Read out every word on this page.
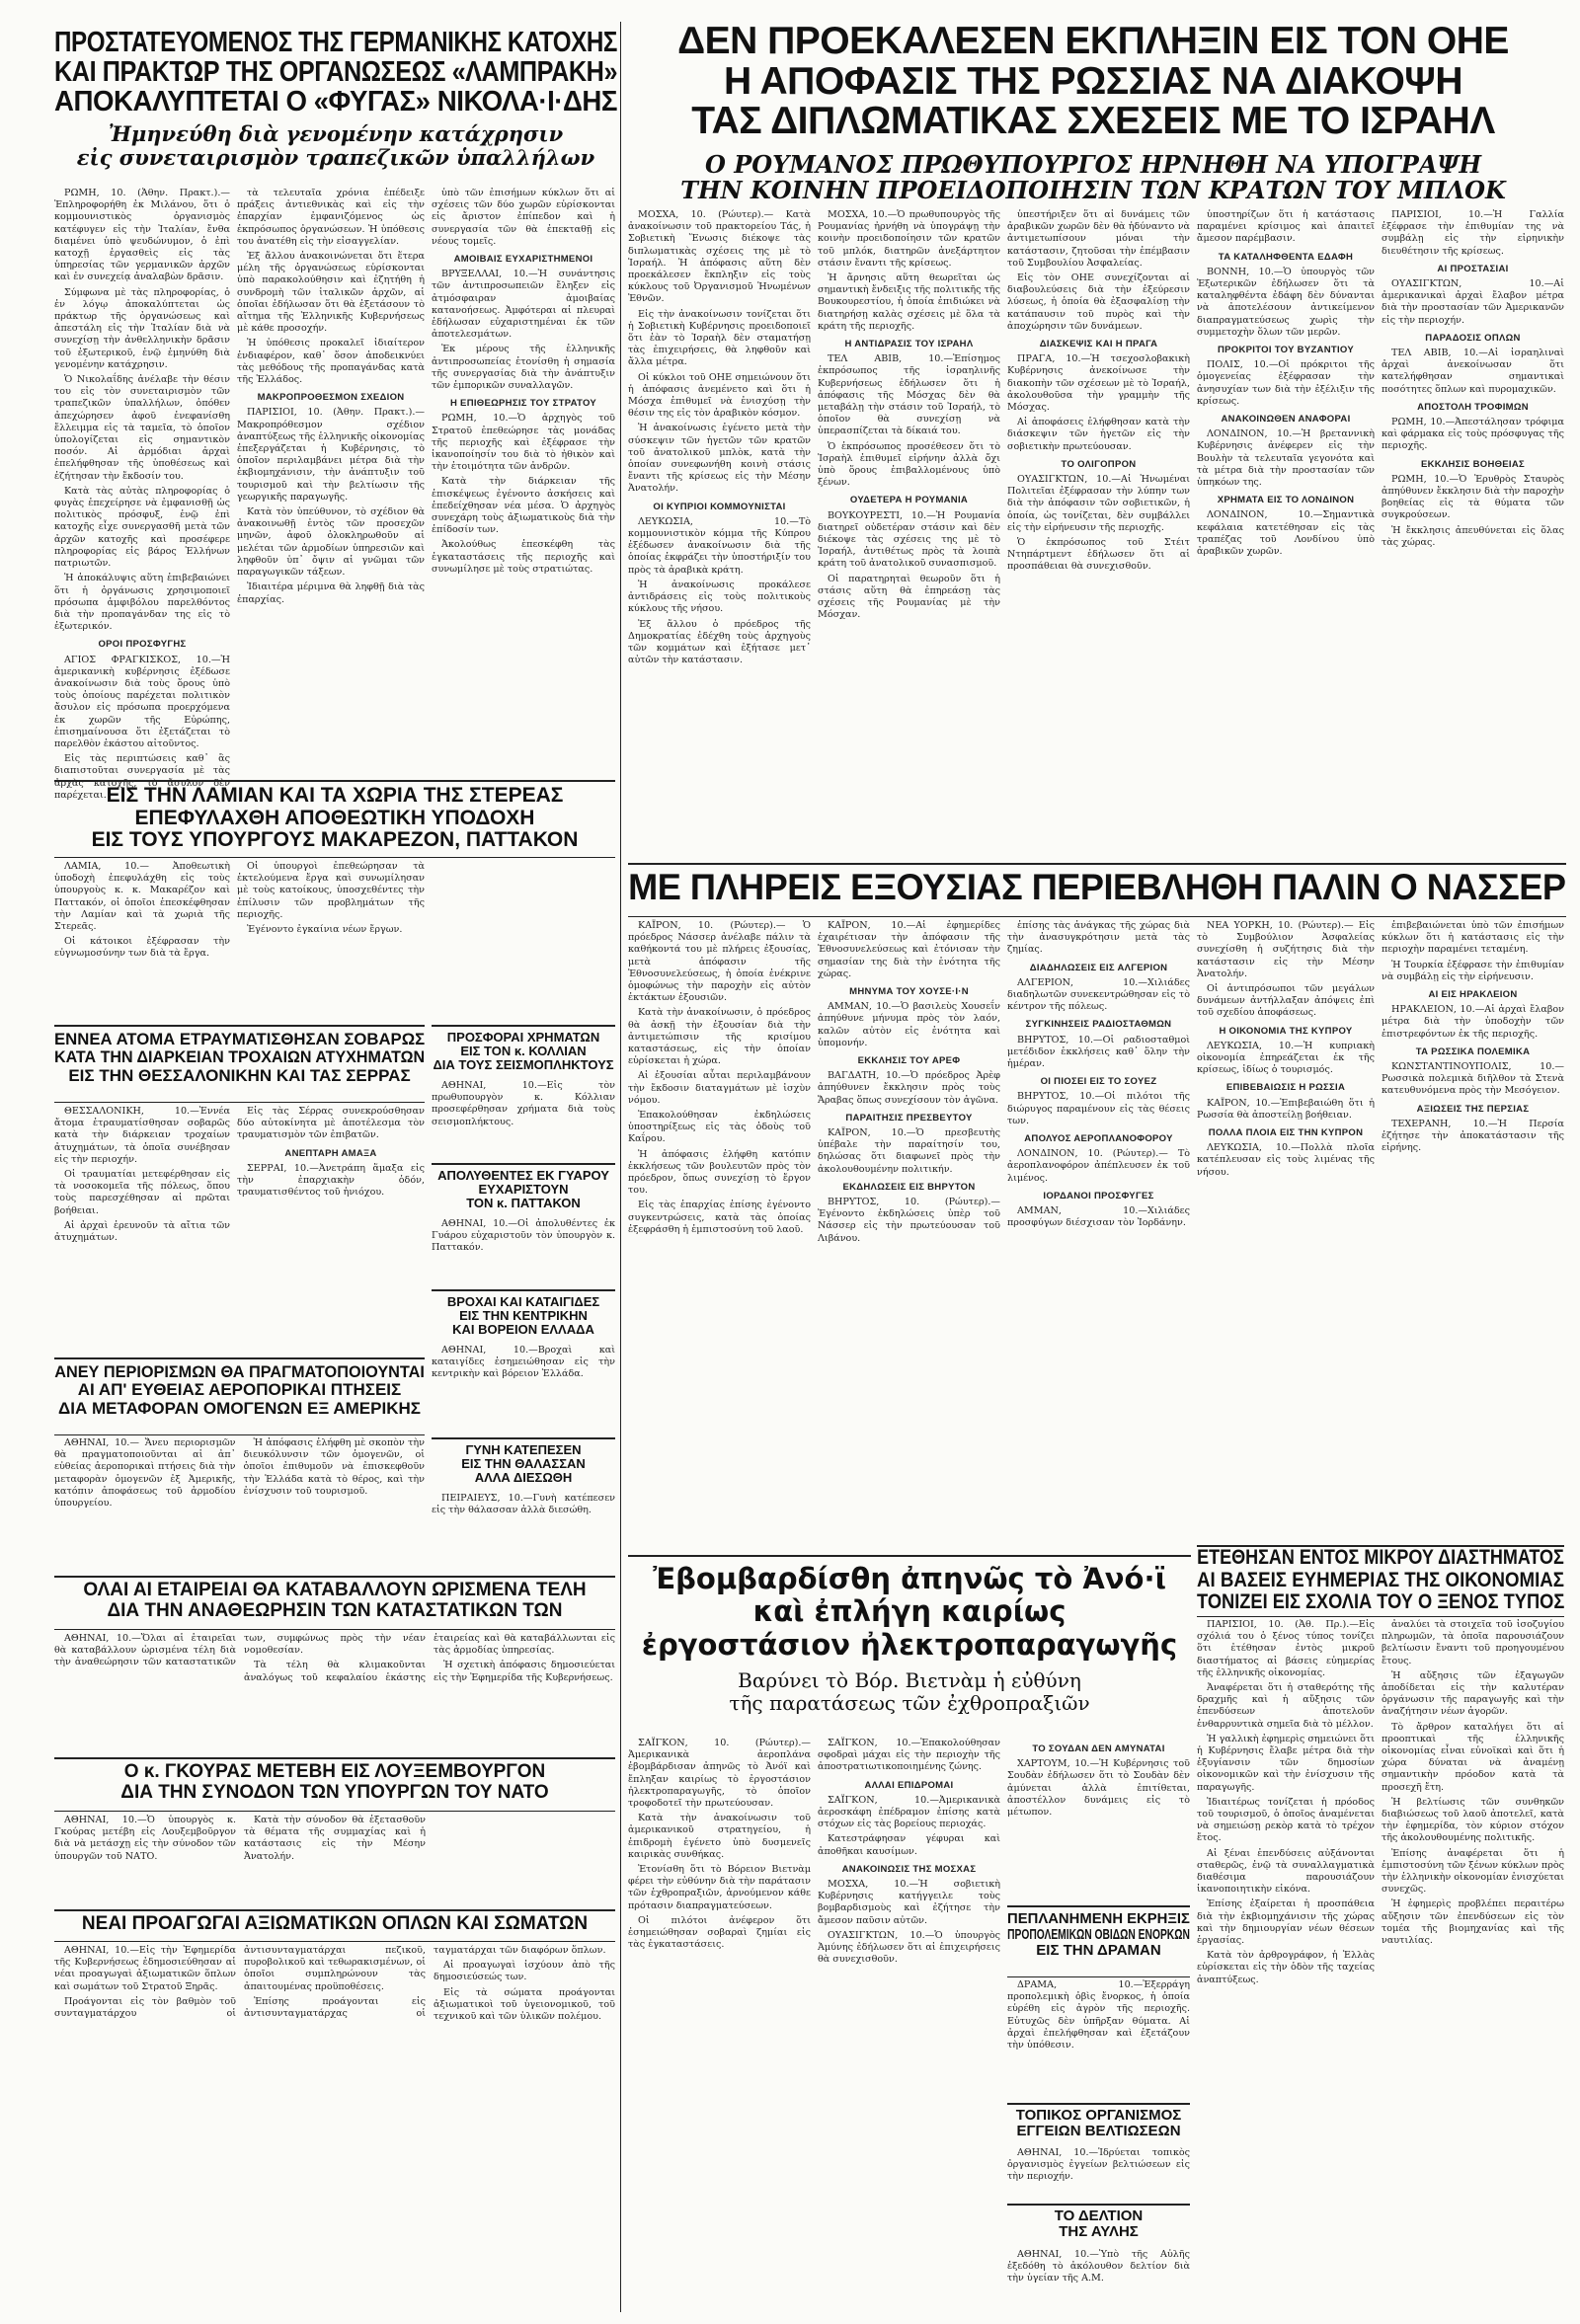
ΠΡΟΣΤΑΤΕΥΟΜΕΝΟΣ ΤΗΣ ΓΕΡΜΑΝΙΚΗΣ ΚΑΤΟΧΗΣ
ΚΑΙ ΠΡΑΚΤΩΡ ΤΗΣ ΟΡΓΑΝΩΣΕΩΣ «ΛΑΜΠΡΑΚΗ»
ΑΠΟΚΑΛΥΠΤΕΤΑΙ Ο «ΦΥΓΑΣ» ΝΙΚΟΛΑ·Ι·ΔΗΣ
Ἠμηνεύθη διὰ γενομένην κατάχρησιν
εἰς συνεταιρισμὸν τραπεζικῶν ὑπαλλήλων
ΔΕΝ ΠΡΟΕΚΑΛΕΣΕΝ ΕΚΠΛΗΞΙΝ ΕΙΣ ΤΟΝ ΟΗΕ
Η ΑΠΟΦΑΣΙΣ ΤΗΣ ΡΩΣΣΙΑΣ ΝΑ ΔΙΑΚΟΨΗ
ΤΑΣ ΔΙΠΛΩΜΑΤΙΚΑΣ ΣΧΕΣΕΙΣ ΜΕ ΤΟ ΙΣΡΑΗΛ
Ο ΡΟΥΜΑΝΟΣ ΠΡΩΘΥΠΟΥΡΓΟΣ ΗΡΝΗΘΗ ΝΑ ΥΠΟΓΡΑΨΗ
ΤΗΝ ΚΟΙΝΗΝ ΠΡΟΕΙΔΟΠΟΙΗΣΙΝ ΤΩΝ ΚΡΑΤΩΝ ΤΟΥ ΜΠΛΟΚ

ΡΩΜΗ, 10. (Ἀθην. Πρακτ.).— Ἐπληροφορήθη ἐκ Μιλάνου, ὅτι ὁ κομμουνιστικὸς ὀργανισμὸς κατέφυγεν εἰς τὴν Ἰταλίαν, ἔνθα διαμένει ὑπὸ ψευδώνυμον, ὁ ἐπὶ κατοχῇ ἐργασθεὶς εἰς τὰς ὑπηρεσίας τῶν γερμανικῶν ἀρχῶν καὶ ἐν συνεχείᾳ ἀναλαβὼν δρᾶσιν.

Σύμφωνα μὲ τὰς πληροφορίας, ὁ ἐν λόγῳ ἀποκαλύπτεται ὡς πράκτωρ τῆς ὀργανώσεως καὶ ἀπεστάλη εἰς τὴν Ἰταλίαν διὰ νὰ συνεχίσῃ τὴν ἀνθελληνικὴν δρᾶσιν τοῦ ἐξωτερικοῦ, ἐνῷ ἐμηνύθη διὰ γενομένην κατάχρησιν.

Ὁ Νικολαΐδης ἀνέλαβε τὴν θέσιν του εἰς τὸν συνεταιρισμὸν τῶν τραπεζικῶν ὑπαλλήλων, ὁπόθεν ἀπεχώρησεν ἀφοῦ ἐνεφανίσθη ἔλλειμμα εἰς τὰ ταμεῖα, τὸ ὁποῖον ὑπολογίζεται εἰς σημαντικὸν ποσόν. Αἱ ἀρμόδιαι ἀρχαὶ ἐπελήφθησαν τῆς ὑποθέσεως καὶ ἐζήτησαν τὴν ἔκδοσίν του.

Κατὰ τὰς αὐτὰς πληροφορίας ὁ φυγὰς ἐπεχείρησε νὰ ἐμφανισθῇ ὡς πολιτικὸς πρόσφυξ, ἐνῷ ἐπὶ κατοχῆς εἶχε συνεργασθῆ μετὰ τῶν ἀρχῶν κατοχῆς καὶ προσέφερε πληροφορίας εἰς βάρος Ἑλλήνων πατριωτῶν.

Ἡ ἀποκάλυψις αὕτη ἐπιβεβαιώνει ὅτι ἡ ὀργάνωσις χρησιμοποιεῖ πρόσωπα ἀμφιβόλου παρελθόντος διὰ τὴν προπαγάνδαν της εἰς τὸ ἐξωτερικόν.

ΟΡΟΙ ΠΡΟΣΦΥΓΗΣ

ΑΓΙΟΣ ΦΡΑΓΚΙΣΚΟΣ, 10.—Ἡ ἀμερικανικὴ κυβέρνησις ἐξέδωσε ἀνακοίνωσιν διὰ τοὺς ὅρους ὑπὸ τοὺς ὁποίους παρέχεται πολιτικὸν ἄσυλον εἰς πρόσωπα προερχόμενα ἐκ χωρῶν τῆς Εὐρώπης, ἐπισημαίνουσα ὅτι ἐξετάζεται τὸ παρελθὸν ἑκάστου αἰτοῦντος.

Εἰς τὰς περιπτώσεις καθ᾽ ἃς διαπιστοῦται συνεργασία μὲ τὰς ἀρχὰς κατοχῆς, τὸ ἄσυλον δὲν παρέχεται.

τὰ τελευταῖα χρόνια ἐπέδειξε πράξεις ἀντιεθνικὰς καὶ εἰς τὴν ἐπαρχίαν ἐμφανιζόμενος ὡς ἐκπρόσωπος ὀργανώσεων. Ἡ ὑπόθεσις του ἀνατέθη εἰς τὴν εἰσαγγελίαν.

Ἐξ ἄλλου ἀνακοινώνεται ὅτι ἕτερα μέλη τῆς ὀργανώσεως εὑρίσκονται ὑπὸ παρακολούθησιν καὶ ἐζητήθη ἡ συνδρομὴ τῶν ἰταλικῶν ἀρχῶν, αἱ ὁποῖαι ἐδήλωσαν ὅτι θὰ ἐξετάσουν τὸ αἴτημα τῆς Ἑλληνικῆς Κυβερνήσεως μὲ κάθε προσοχήν.

Ἡ ὑπόθεσις προκαλεῖ ἰδιαίτερον ἐνδιαφέρον, καθ᾽ ὅσον ἀποδεικνύει τὰς μεθόδους τῆς προπαγάνδας κατὰ τῆς Ἑλλάδος.

ΜΑΚΡΟΠΡΟΘΕΣΜΟΝ ΣΧΕΔΙΟΝ

ΠΑΡΙΣΙΟΙ, 10. (Ἀθην. Πρακτ.).— Μακροπρόθεσμον σχέδιον ἀναπτύξεως τῆς ἑλληνικῆς οἰκονομίας ἐπεξεργάζεται ἡ Κυβέρνησις, τὸ ὁποῖον περιλαμβάνει μέτρα διὰ τὴν ἐκβιομηχάνισιν, τὴν ἀνάπτυξιν τοῦ τουρισμοῦ καὶ τὴν βελτίωσιν τῆς γεωργικῆς παραγωγῆς.

Κατὰ τὸν ὑπεύθυνον, τὸ σχέδιον θὰ ἀνακοινωθῇ ἐντὸς τῶν προσεχῶν μηνῶν, ἀφοῦ ὁλοκληρωθοῦν αἱ μελέται τῶν ἁρμοδίων ὑπηρεσιῶν καὶ ληφθοῦν ὑπ᾽ ὄψιν αἱ γνῶμαι τῶν παραγωγικῶν τάξεων.

Ἰδιαιτέρα μέριμνα θὰ ληφθῇ διὰ τὰς ἐπαρχίας.

ὑπὸ τῶν ἐπισήμων κύκλων ὅτι αἱ σχέσεις τῶν δύο χωρῶν εὑρίσκονται εἰς ἄριστον ἐπίπεδον καὶ ἡ συνεργασία τῶν θὰ ἐπεκταθῇ εἰς νέους τομεῖς.

ΑΜΟΙΒΑΙΣ ΕΥΧΑΡΙΣΤΗΜΕΝΟΙ

ΒΡΥΞΕΛΛΑΙ, 10.—Ἡ συνάντησις τῶν ἀντιπροσωπειῶν ἔληξεν εἰς ἀτμόσφαιραν ἀμοιβαίας κατανοήσεως. Ἀμφότεραι αἱ πλευραὶ ἐδήλωσαν εὐχαριστημέναι ἐκ τῶν ἀποτελεσμάτων.

Ἐκ μέρους τῆς ἑλληνικῆς ἀντιπροσωπείας ἐτονίσθη ἡ σημασία τῆς συνεργασίας διὰ τὴν ἀνάπτυξιν τῶν ἐμπορικῶν συναλλαγῶν.

Η ΕΠΙΘΕΩΡΗΣΙΣ ΤΟΥ ΣΤΡΑΤΟΥ

ΡΩΜΗ, 10.—Ὁ ἀρχηγὸς τοῦ Στρατοῦ ἐπεθεώρησε τὰς μονάδας τῆς περιοχῆς καὶ ἐξέφρασε τὴν ἱκανοποίησίν του διὰ τὸ ἠθικὸν καὶ τὴν ἑτοιμότητα τῶν ἀνδρῶν.

Κατὰ τὴν διάρκειαν τῆς ἐπισκέψεως ἐγένοντο ἀσκήσεις καὶ ἐπεδείχθησαν νέα μέσα. Ὁ ἀρχηγὸς συνεχάρη τοὺς ἀξιωματικοὺς διὰ τὴν ἐπίδοσίν των.

Ἀκολούθως ἐπεσκέφθη τὰς ἐγκαταστάσεις τῆς περιοχῆς καὶ συνωμίλησε μὲ τοὺς στρατιώτας.

ΜΟΣΧΑ, 10. (Ρώυτερ).— Κατὰ ἀνακοίνωσιν τοῦ πρακτορείου Τάς, ἡ Σοβιετικὴ Ἕνωσις διέκοψε τὰς διπλωματικὰς σχέσεις της μὲ τὸ Ἰσραήλ. Ἡ ἀπόφασις αὕτη δὲν προεκάλεσεν ἔκπληξιν εἰς τοὺς κύκλους τοῦ Ὀργανισμοῦ Ἡνωμένων Ἐθνῶν.

Εἰς τὴν ἀνακοίνωσιν τονίζεται ὅτι ἡ Σοβιετικὴ Κυβέρνησις προειδοποιεῖ ὅτι ἐὰν τὸ Ἰσραὴλ δὲν σταματήσῃ τὰς ἐπιχειρήσεις, θὰ ληφθοῦν καὶ ἄλλα μέτρα.

Οἱ κύκλοι τοῦ ΟΗΕ σημειώνουν ὅτι ἡ ἀπόφασις ἀνεμένετο καὶ ὅτι ἡ Μόσχα ἐπιθυμεῖ νὰ ἐνισχύσῃ τὴν θέσιν της εἰς τὸν ἀραβικὸν κόσμον.

Ἡ ἀνακοίνωσις ἐγένετο μετὰ τὴν σύσκεψιν τῶν ἡγετῶν τῶν κρατῶν τοῦ ἀνατολικοῦ μπλὸκ, κατὰ τὴν ὁποίαν συνεφωνήθη κοινὴ στάσις ἔναντι τῆς κρίσεως εἰς τὴν Μέσην Ἀνατολήν.

ΟΙ ΚΥΠΡΙΟΙ ΚΟΜΜΟΥΝΙΣΤΑΙ

ΛΕΥΚΩΣΙΑ, 10.—Τὸ κομμουνιστικὸν κόμμα τῆς Κύπρου ἐξέδωσεν ἀνακοίνωσιν διὰ τῆς ὁποίας ἐκφράζει τὴν ὑποστήριξίν του πρὸς τὰ ἀραβικὰ κράτη.

Ἡ ἀνακοίνωσις προκάλεσε ἀντιδράσεις εἰς τοὺς πολιτικοὺς κύκλους τῆς νήσου.

Ἐξ ἄλλου ὁ πρόεδρος τῆς Δημοκρατίας ἐδέχθη τοὺς ἀρχηγοὺς τῶν κομμάτων καὶ ἐξήτασε μετ᾽ αὐτῶν τὴν κατάστασιν.

ΜΟΣΧΑ, 10.—Ὁ πρωθυπουργὸς τῆς Ρουμανίας ἠρνήθη νὰ ὑπογράψῃ τὴν κοινὴν προειδοποίησιν τῶν κρατῶν τοῦ μπλόκ, διατηρῶν ἀνεξάρτητον στάσιν ἔναντι τῆς κρίσεως.

Ἡ ἄρνησις αὕτη θεωρεῖται ὡς σημαντικὴ ἔνδειξις τῆς πολιτικῆς τῆς Βουκουρεστίου, ἡ ὁποία ἐπιδιώκει νὰ διατηρήσῃ καλὰς σχέσεις μὲ ὅλα τὰ κράτη τῆς περιοχῆς.

Η ΑΝΤΙΔΡΑΣΙΣ ΤΟΥ ΙΣΡΑΗΛ

ΤΕΛ ΑΒΙΒ, 10.—Ἐπίσημος ἐκπρόσωπος τῆς ἰσραηλινῆς Κυβερνήσεως ἐδήλωσεν ὅτι ἡ ἀπόφασις τῆς Μόσχας δὲν θὰ μεταβάλῃ τὴν στάσιν τοῦ Ἰσραήλ, τὸ ὁποῖον θὰ συνεχίσῃ νὰ ὑπερασπίζεται τὰ δίκαιά του.

Ὁ ἐκπρόσωπος προσέθεσεν ὅτι τὸ Ἰσραὴλ ἐπιθυμεῖ εἰρήνην ἀλλὰ ὄχι ὑπὸ ὅρους ἐπιβαλλομένους ὑπὸ ξένων.

ΟΥΔΕΤΕΡΑ Η ΡΟΥΜΑΝΙΑ

ΒΟΥΚΟΥΡΕΣΤΙ, 10.—Ἡ Ρουμανία διατηρεῖ οὐδετέραν στάσιν καὶ δὲν διέκοψε τὰς σχέσεις της μὲ τὸ Ἰσραήλ, ἀντιθέτως πρὸς τὰ λοιπὰ κράτη τοῦ ἀνατολικοῦ συνασπισμοῦ.

Οἱ παρατηρηταὶ θεωροῦν ὅτι ἡ στάσις αὕτη θὰ ἐπηρεάσῃ τὰς σχέσεις τῆς Ρουμανίας μὲ τὴν Μόσχαν.

ὑπεστήριξεν ὅτι αἱ δυνάμεις τῶν ἀραβικῶν χωρῶν δὲν θὰ ἠδύναντο νὰ ἀντιμετωπίσουν μόναι τὴν κατάστασιν, ζητοῦσαι τὴν ἐπέμβασιν τοῦ Συμβουλίου Ἀσφαλείας.

Εἰς τὸν ΟΗΕ συνεχίζονται αἱ διαβουλεύσεις διὰ τὴν ἐξεύρεσιν λύσεως, ἡ ὁποία θὰ ἐξασφαλίσῃ τὴν κατάπαυσιν τοῦ πυρὸς καὶ τὴν ἀποχώρησιν τῶν δυνάμεων.

ΔΙΑΣΚΕΨΙΣ ΚΑΙ Η ΠΡΑΓΑ

ΠΡΑΓΑ, 10.—Ἡ τσεχοσλοβακικὴ Κυβέρνησις ἀνεκοίνωσε τὴν διακοπὴν τῶν σχέσεων μὲ τὸ Ἰσραήλ, ἀκολουθοῦσα τὴν γραμμὴν τῆς Μόσχας.

Αἱ ἀποφάσεις ἐλήφθησαν κατὰ τὴν διάσκεψιν τῶν ἡγετῶν εἰς τὴν σοβιετικὴν πρωτεύουσαν.

ΤΟ ΟΛΙΓΟΠΡΟΝ

ΟΥΑΣΙΓΚΤΩΝ, 10.—Αἱ Ἡνωμέναι Πολιτεῖαι ἐξέφρασαν τὴν λύπην των διὰ τὴν ἀπόφασιν τῶν σοβιετικῶν, ἡ ὁποία, ὡς τονίζεται, δὲν συμβάλλει εἰς τὴν εἰρήνευσιν τῆς περιοχῆς.

Ὁ ἐκπρόσωπος τοῦ Στέιτ Ντηπάρτμεντ ἐδήλωσεν ὅτι αἱ προσπάθειαι θὰ συνεχισθοῦν.

ὑποστηρίζων ὅτι ἡ κατάστασις παραμένει κρίσιμος καὶ ἀπαιτεῖ ἄμεσον παρέμβασιν.

ΤΑ ΚΑΤΑΛΗΦΘΕΝΤΑ ΕΔΑΦΗ

ΒΟΝΝΗ, 10.—Ὁ ὑπουργὸς τῶν Ἐξωτερικῶν ἐδήλωσεν ὅτι τὰ καταληφθέντα ἐδάφη δὲν δύνανται νὰ ἀποτελέσουν ἀντικείμενον διαπραγματεύσεως χωρὶς τὴν συμμετοχὴν ὅλων τῶν μερῶν.

ΠΡΟΚΡΙΤΟΙ ΤΟΥ ΒΥΖΑΝΤΙΟΥ

ΠΟΛΙΣ, 10.—Οἱ πρόκριτοι τῆς ὁμογενείας ἐξέφρασαν τὴν ἀνησυχίαν των διὰ τὴν ἐξέλιξιν τῆς κρίσεως.

ΑΝΑΚΟΙΝΩΘΕΝ ΑΝΑΦΟΡΑΙ

ΛΟΝΔΙΝΟΝ, 10.—Ἡ βρεταννικὴ Κυβέρνησις ἀνέφερεν εἰς τὴν Βουλὴν τὰ τελευταῖα γεγονότα καὶ τὰ μέτρα διὰ τὴν προστασίαν τῶν ὑπηκόων της.

ΧΡΗΜΑΤΑ ΕΙΣ ΤΟ ΛΟΝΔΙΝΟΝ

ΛΟΝΔΙΝΟΝ, 10.—Σημαντικὰ κεφάλαια κατετέθησαν εἰς τὰς τραπέζας τοῦ Λονδίνου ὑπὸ ἀραβικῶν χωρῶν.

ΠΑΡΙΣΙΟΙ, 10.—Ἡ Γαλλία ἐξέφρασε τὴν ἐπιθυμίαν της νὰ συμβάλῃ εἰς τὴν εἰρηνικὴν διευθέτησιν τῆς κρίσεως.

ΑΙ ΠΡΟΣΤΑΣΙΑΙ

ΟΥΑΣΙΓΚΤΩΝ, 10.—Αἱ ἀμερικανικαὶ ἀρχαὶ ἔλαβον μέτρα διὰ τὴν προστασίαν τῶν Ἀμερικανῶν εἰς τὴν περιοχήν.

ΠΑΡΑΔΟΣΙΣ ΟΠΛΩΝ

ΤΕΛ ΑΒΙΒ, 10.—Αἱ ἰσραηλιναὶ ἀρχαὶ ἀνεκοίνωσαν ὅτι κατελήφθησαν σημαντικαὶ ποσότητες ὅπλων καὶ πυρομαχικῶν.

ΑΠΟΣΤΟΛΗ ΤΡΟΦΙΜΩΝ

ΡΩΜΗ, 10.—Ἀπεστάλησαν τρόφιμα καὶ φάρμακα εἰς τοὺς πρόσφυγας τῆς περιοχῆς.

ΕΚΚΛΗΣΙΣ ΒΟΗΘΕΙΑΣ

ΡΩΜΗ, 10.—Ὁ Ἐρυθρὸς Σταυρὸς ἀπηύθυνεν ἔκκλησιν διὰ τὴν παροχὴν βοηθείας εἰς τὰ θύματα τῶν συγκρούσεων.

Ἡ ἔκκλησις ἀπευθύνεται εἰς ὅλας τὰς χώρας.

ΜΕ ΠΛΗΡΕΙΣ ΕΞΟΥΣΙΑΣ ΠΕΡΙΕΒΛΗΘΗ ΠΑΛΙΝ Ο ΝΑΣΣΕΡ

ΚΑΪΡΟΝ, 10. (Ρώυτερ).— Ὁ πρόεδρος Νάσσερ ἀνέλαβε πάλιν τὰ καθήκοντά του μὲ πλήρεις ἐξουσίας, μετὰ ἀπόφασιν τῆς Ἐθνοσυνελεύσεως, ἡ ὁποία ἐνέκρινε ὁμοφώνως τὴν παροχὴν εἰς αὐτὸν ἐκτάκτων ἐξουσιῶν.

Κατὰ τὴν ἀνακοίνωσιν, ὁ πρόεδρος θὰ ἀσκῇ τὴν ἐξουσίαν διὰ τὴν ἀντιμετώπισιν τῆς κρισίμου καταστάσεως, εἰς τὴν ὁποίαν εὑρίσκεται ἡ χώρα.

Αἱ ἐξουσίαι αὗται περιλαμβάνουν τὴν ἔκδοσιν διαταγμάτων μὲ ἰσχὺν νόμου.

Ἐπακολούθησαν ἐκδηλώσεις ὑποστηρίξεως εἰς τὰς ὁδοὺς τοῦ Καΐρου.

Ἡ ἀπόφασις ἐλήφθη κατόπιν ἐκκλήσεως τῶν βουλευτῶν πρὸς τὸν πρόεδρον, ὅπως συνεχίσῃ τὸ ἔργον του.

Εἰς τὰς ἐπαρχίας ἐπίσης ἐγένοντο συγκεντρώσεις, κατὰ τὰς ὁποίας ἐξεφράσθη ἡ ἐμπιστοσύνη τοῦ λαοῦ.

ΚΑΪΡΟΝ, 10.—Αἱ ἐφημερίδες ἐχαιρέτισαν τὴν ἀπόφασιν τῆς Ἐθνοσυνελεύσεως καὶ ἐτόνισαν τὴν σημασίαν της διὰ τὴν ἑνότητα τῆς χώρας.

ΜΗΝΥΜΑ ΤΟΥ ΧΟΥΣΕ·Ι·Ν

ΑΜΜΑΝ, 10.—Ὁ βασιλεὺς Χουσεΐν ἀπηύθυνε μήνυμα πρὸς τὸν λαόν, καλῶν αὐτὸν εἰς ἑνότητα καὶ ὑπομονήν.

ΕΚΚΛΗΣΙΣ ΤΟΥ ΑΡΕΦ

ΒΑΓΔΑΤΗ, 10.—Ὁ πρόεδρος Ἀρὲφ ἀπηύθυνεν ἔκκλησιν πρὸς τοὺς Ἄραβας ὅπως συνεχίσουν τὸν ἀγῶνα.

ΠΑΡΑΙΤΗΣΙΣ ΠΡΕΣΒΕΥΤΟΥ

ΚΑΪΡΟΝ, 10.—Ὁ πρεσβευτὴς ὑπέβαλε τὴν παραίτησίν του, δηλώσας ὅτι διαφωνεῖ πρὸς τὴν ἀκολουθουμένην πολιτικήν.

ΕΚΔΗΛΩΣΕΙΣ ΕΙΣ ΒΗΡΥΤΟΝ

ΒΗΡΥΤΟΣ, 10. (Ρώυτερ).— Ἐγένοντο ἐκδηλώσεις ὑπὲρ τοῦ Νάσσερ εἰς τὴν πρωτεύουσαν τοῦ Λιβάνου.

ἐπίσης τὰς ἀνάγκας τῆς χώρας διὰ τὴν ἀνασυγκρότησιν μετὰ τὰς ζημίας.

ΔΙΑΔΗΛΩΣΕΙΣ ΕΙΣ ΑΛΓΕΡΙΟΝ

ΑΛΓΕΡΙΟΝ, 10.—Χιλιάδες διαδηλωτῶν συνεκεντρώθησαν εἰς τὸ κέντρον τῆς πόλεως.

ΣΥΓΚΙΝΗΣΕΙΣ ΡΑΔΙΟΣΤΑΘΜΩΝ

ΒΗΡΥΤΟΣ, 10.—Οἱ ραδιοσταθμοὶ μετέδιδον ἐκκλήσεις καθ᾽ ὅλην τὴν ἡμέραν.

ΟΙ ΠΙΟΣΕΙ ΕΙΣ ΤΟ ΣΟΥΕΖ

ΒΗΡΥΤΟΣ, 10.—Οἱ πιλότοι τῆς διώρυγος παραμένουν εἰς τὰς θέσεις των.

ΑΠΟΛΥΟΣ ΑΕΡΟΠΛΑΝΟΦΟΡΟΥ

ΛΟΝΔΙΝΟΝ, 10. (Ρώυτερ).— Τὸ ἀεροπλανοφόρον ἀπέπλευσεν ἐκ τοῦ λιμένος.

ΙΟΡΔΑΝΟΙ ΠΡΟΣΦΥΓΕΣ

ΑΜΜΑΝ, 10.—Χιλιάδες προσφύγων διέσχισαν τὸν Ἰορδάνην.

ΝΕΑ ΥΟΡΚΗ, 10. (Ρώυτερ).— Εἰς τὸ Συμβούλιον Ἀσφαλείας συνεχίσθη ἡ συζήτησις διὰ τὴν κατάστασιν εἰς τὴν Μέσην Ἀνατολήν.

Οἱ ἀντιπρόσωποι τῶν μεγάλων δυνάμεων ἀντήλλαξαν ἀπόψεις ἐπὶ τοῦ σχεδίου ἀποφάσεως.

Η ΟΙΚΟΝΟΜΙΑ ΤΗΣ ΚΥΠΡΟΥ

ΛΕΥΚΩΣΙΑ, 10.—Ἡ κυπριακὴ οἰκονομία ἐπηρεάζεται ἐκ τῆς κρίσεως, ἰδίως ὁ τουρισμός.

ΕΠΙΒΕΒΑΙΩΣΙΣ Η ΡΩΣΣΙΑ

ΚΑΪΡΟΝ, 10.—Ἐπιβεβαιώθη ὅτι ἡ Ρωσσία θὰ ἀποστείλῃ βοήθειαν.

ΠΟΛΛΑ ΠΛΟΙΑ ΕΙΣ ΤΗΝ ΚΥΠΡΟΝ

ΛΕΥΚΩΣΙΑ, 10.—Πολλὰ πλοῖα κατέπλευσαν εἰς τοὺς λιμένας τῆς νήσου.

ἐπιβεβαιώνεται ὑπὸ τῶν ἐπισήμων κύκλων ὅτι ἡ κατάστασις εἰς τὴν περιοχὴν παραμένει τεταμένη.

Ἡ Τουρκία ἐξέφρασε τὴν ἐπιθυμίαν νὰ συμβάλῃ εἰς τὴν εἰρήνευσιν.

ΑΙ ΕΙΣ ΗΡΑΚΛΕΙΟΝ

ΗΡΑΚΛΕΙΟΝ, 10.—Αἱ ἀρχαὶ ἔλαβον μέτρα διὰ τὴν ὑποδοχὴν τῶν ἐπιστρεφόντων ἐκ τῆς περιοχῆς.

ΤΑ ΡΩΣΣΙΚΑ ΠΟΛΕΜΙΚΑ

ΚΩΝΣΤΑΝΤΙΝΟΥΠΟΛΙΣ, 10.—Ρωσσικὰ πολεμικὰ διῆλθον τὰ Στενὰ κατευθυνόμενα πρὸς τὴν Μεσόγειον.

ΑΞΙΩΣΕΙΣ ΤΗΣ ΠΕΡΣΙΑΣ

ΤΕΧΕΡΑΝΗ, 10.—Ἡ Περσία ἐζήτησε τὴν ἀποκατάστασιν τῆς εἰρήνης.

ΕΤΕΘΗΣΑΝ ΕΝΤΟΣ ΜΙΚΡΟΥ ΔΙΑΣΤΗΜΑΤΟΣ
ΑΙ ΒΑΣΕΙΣ ΕΥΗΜΕΡΙΑΣ ΤΗΣ ΟΙΚΟΝΟΜΙΑΣ
ΤΟΝΙΖΕΙ ΕΙΣ ΣΧΟΛΙΑ ΤΟΥ Ο ΞΕΝΟΣ ΤΥΠΟΣ

ΠΑΡΙΣΙΟΙ, 10. (Ἀθ. Πρ.).—Εἰς σχόλιά του ὁ ξένος τύπος τονίζει ὅτι ἐτέθησαν ἐντὸς μικροῦ διαστήματος αἱ βάσεις εὐημερίας τῆς ἑλληνικῆς οἰκονομίας.

Ἀναφέρεται ὅτι ἡ σταθερότης τῆς δραχμῆς καὶ ἡ αὔξησις τῶν ἐπενδύσεων ἀποτελοῦν ἐνθαρρυντικὰ σημεῖα διὰ τὸ μέλλον.

Ἡ γαλλικὴ ἐφημερὶς σημειώνει ὅτι ἡ Κυβέρνησις ἔλαβε μέτρα διὰ τὴν ἐξυγίανσιν τῶν δημοσίων οἰκονομικῶν καὶ τὴν ἐνίσχυσιν τῆς παραγωγῆς.

Ἰδιαιτέρως τονίζεται ἡ πρόοδος τοῦ τουρισμοῦ, ὁ ὁποῖος ἀναμένεται νὰ σημειώσῃ ρεκὸρ κατὰ τὸ τρέχον ἔτος.

Αἱ ξέναι ἐπενδύσεις αὐξάνονται σταθερῶς, ἐνῷ τὰ συναλλαγματικὰ διαθέσιμα παρουσιάζουν ἱκανοποιητικὴν εἰκόνα.

Ἐπίσης ἐξαίρεται ἡ προσπάθεια διὰ τὴν ἐκβιομηχάνισιν τῆς χώρας καὶ τὴν δημιουργίαν νέων θέσεων ἐργασίας.

Κατὰ τὸν ἀρθρογράφον, ἡ Ἑλλὰς εὑρίσκεται εἰς τὴν ὁδὸν τῆς ταχείας ἀναπτύξεως.

ἀναλύει τὰ στοιχεῖα τοῦ ἰσοζυγίου πληρωμῶν, τὰ ὁποῖα παρουσιάζουν βελτίωσιν ἔναντι τοῦ προηγουμένου ἔτους.

Ἡ αὔξησις τῶν ἐξαγωγῶν ἀποδίδεται εἰς τὴν καλυτέραν ὀργάνωσιν τῆς παραγωγῆς καὶ τὴν ἀναζήτησιν νέων ἀγορῶν.

Τὸ ἄρθρον καταλήγει ὅτι αἱ προοπτικαὶ τῆς ἑλληνικῆς οἰκονομίας εἶναι εὐνοϊκαὶ καὶ ὅτι ἡ χώρα δύναται νὰ ἀναμένῃ σημαντικὴν πρόοδον κατὰ τὰ προσεχῆ ἔτη.

Ἡ βελτίωσις τῶν συνθηκῶν διαβιώσεως τοῦ λαοῦ ἀποτελεῖ, κατὰ τὴν ἐφημερίδα, τὸν κύριον στόχον τῆς ἀκολουθουμένης πολιτικῆς.

Ἐπίσης ἀναφέρεται ὅτι ἡ ἐμπιστοσύνη τῶν ξένων κύκλων πρὸς τὴν ἑλληνικὴν οἰκονομίαν ἐνισχύεται συνεχῶς.

Ἡ ἐφημερὶς προβλέπει περαιτέρω αὔξησιν τῶν ἐπενδύσεων εἰς τὸν τομέα τῆς βιομηχανίας καὶ τῆς ναυτιλίας.

Ἐβομβαρδίσθη ἀπηνῶς τὸ Ἀνό·ϊ
καὶ ἐπλήγη καιρίως
ἐργοστάσιον ἠλεκτροπαραγωγῆς
Βαρύνει τὸ Βόρ. Βιετνὰμ ἡ εὐθύνη
τῆς παρατάσεως τῶν ἐχθροπραξιῶν

ΣΑΪΓΚΟΝ, 10. (Ρώυτερ).— Ἀμερικανικὰ ἀεροπλάνα ἐβομβάρδισαν ἀπηνῶς τὸ Ἀνόϊ καὶ ἔπληξαν καιρίως τὸ ἐργοστάσιον ἠλεκτροπαραγωγῆς, τὸ ὁποῖον τροφοδοτεῖ τὴν πρωτεύουσαν.

Κατὰ τὴν ἀνακοίνωσιν τοῦ ἀμερικανικοῦ στρατηγείου, ἡ ἐπιδρομὴ ἐγένετο ὑπὸ δυσμενεῖς καιρικὰς συνθήκας.

Ἐτονίσθη ὅτι τὸ Βόρειον Βιετνὰμ φέρει τὴν εὐθύνην διὰ τὴν παράτασιν τῶν ἐχθροπραξιῶν, ἀρνούμενον κάθε πρότασιν διαπραγματεύσεων.

Οἱ πιλότοι ἀνέφερον ὅτι ἐσημειώθησαν σοβαραὶ ζημίαι εἰς τὰς ἐγκαταστάσεις.

ΣΑΪΓΚΟΝ, 10.—Ἐπακολούθησαν σφοδραὶ μάχαι εἰς τὴν περιοχὴν τῆς ἀποστρατιωτικοποιημένης ζώνης.

ΑΛΛΑΙ ΕΠΙΔΡΟΜΑΙ

ΣΑΪΓΚΟΝ, 10.—Ἀμερικανικὰ ἀεροσκάφη ἐπέδραμον ἐπίσης κατὰ στόχων εἰς τὰς βορείους περιοχάς.

Κατεστράφησαν γέφυραι καὶ ἀποθῆκαι καυσίμων.

ΑΝΑΚΟΙΝΩΣΙΣ ΤΗΣ ΜΟΣΧΑΣ

ΜΟΣΧΑ, 10.—Ἡ σοβιετικὴ Κυβέρνησις κατήγγειλε τοὺς βομβαρδισμοὺς καὶ ἐζήτησε τὴν ἄμεσον παῦσιν αὐτῶν.

ΟΥΑΣΙΓΚΤΩΝ, 10.—Ὁ ὑπουργὸς Ἀμύνης ἐδήλωσεν ὅτι αἱ ἐπιχειρήσεις θὰ συνεχισθοῦν.

ΤΟ ΣΟΥΔΑΝ ΔΕΝ ΑΜΥΝΑΤΑΙ

ΧΑΡΤΟΥΜ, 10.—Ἡ Κυβέρνησις τοῦ Σουδὰν ἐδήλωσεν ὅτι τὸ Σουδὰν δὲν ἀμύνεται ἀλλὰ ἐπιτίθεται, ἀποστέλλον δυνάμεις εἰς τὸ μέτωπον.

ΠΕΠΛΑΝΗΜΕΝΗ ΕΚΡΗΞΙΣ
ΠΡΟΠΟΛΕΜΙΚΩΝ ΟΒΙΔΩΝ ΕΝΟΡΚΩΝ
ΕΙΣ ΤΗΝ ΔΡΑΜΑΝ

ΔΡΑΜΑ, 10.—Ἐξερράγη προπολεμικὴ ὀβὶς ἔνορκος, ἡ ὁποία εὑρέθη εἰς ἀγρὸν τῆς περιοχῆς. Εὐτυχῶς δὲν ὑπῆρξαν θύματα. Αἱ ἀρχαὶ ἐπελήφθησαν καὶ ἐξετάζουν τὴν ὑπόθεσιν.

ΤΟΠΙΚΟΣ ΟΡΓΑΝΙΣΜΟΣ
ΕΓΓΕΙΩΝ ΒΕΛΤΙΩΣΕΩΝ

ΑΘΗΝΑΙ, 10.—Ἱδρύεται τοπικὸς ὀργανισμὸς ἐγγείων βελτιώσεων εἰς τὴν περιοχήν.

ΤΟ ΔΕΛΤΙΟΝ
ΤΗΣ ΑΥΛΗΣ

ΑΘΗΝΑΙ, 10.—Ὑπὸ τῆς Αὐλῆς ἐξεδόθη τὸ ἀκόλουθον δελτίον διὰ τὴν ὑγείαν τῆς Α.Μ.

ΕΙΣ ΤΗΝ ΛΑΜΙΑΝ ΚΑΙ ΤΑ ΧΩΡΙΑ ΤΗΣ ΣΤΕΡΕΑΣ
ΕΠΕΦΥΛΑΧΘΗ ΑΠΟΘΕΩΤΙΚΗ ΥΠΟΔΟΧΗ
ΕΙΣ ΤΟΥΣ ΥΠΟΥΡΓΟΥΣ ΜΑΚΑΡΕΖΟΝ, ΠΑΤΤΑΚΟΝ

ΛΑΜΙΑ, 10.— Ἀποθεωτικὴ ὑποδοχὴ ἐπεφυλάχθη εἰς τοὺς ὑπουργοὺς κ. κ. Μακαρέζον καὶ Παττακόν, οἱ ὁποῖοι ἐπεσκέφθησαν τὴν Λαμίαν καὶ τὰ χωριὰ τῆς Στερεᾶς.

Οἱ κάτοικοι ἐξέφρασαν τὴν εὐγνωμοσύνην των διὰ τὰ ἔργα.

Οἱ ὑπουργοὶ ἐπεθεώρησαν τὰ ἐκτελούμενα ἔργα καὶ συνωμίλησαν μὲ τοὺς κατοίκους, ὑποσχεθέντες τὴν ἐπίλυσιν τῶν προβλημάτων τῆς περιοχῆς.

Ἐγένοντο ἐγκαίνια νέων ἔργων.

ΕΝΝΕΑ ΑΤΟΜΑ ΕΤΡΑΥΜΑΤΙΣΘΗΣΑΝ ΣΟΒΑΡΩΣ
ΚΑΤΑ ΤΗΝ ΔΙΑΡΚΕΙΑΝ ΤΡΟΧΑΙΩΝ ΑΤΥΧΗΜΑΤΩΝ
ΕΙΣ ΤΗΝ ΘΕΣΣΑΛΟΝΙΚΗΝ ΚΑΙ ΤΑΣ ΣΕΡΡΑΣ

ΘΕΣΣΑΛΟΝΙΚΗ, 10.—Ἐννέα ἄτομα ἐτραυματίσθησαν σοβαρῶς κατὰ τὴν διάρκειαν τροχαίων ἀτυχημάτων, τὰ ὁποῖα συνέβησαν εἰς τὴν περιοχήν.

Οἱ τραυματίαι μετεφέρθησαν εἰς τὰ νοσοκομεῖα τῆς πόλεως, ὅπου τοὺς παρεσχέθησαν αἱ πρῶται βοήθειαι.

Αἱ ἀρχαὶ ἐρευνοῦν τὰ αἴτια τῶν ἀτυχημάτων.

Εἰς τὰς Σέρρας συνεκρούσθησαν δύο αὐτοκίνητα μὲ ἀποτέλεσμα τὸν τραυματισμὸν τῶν ἐπιβατῶν.

ΑΝΕΠΤΑΡΗ ΑΜΑΞΑ

ΣΕΡΡΑΙ, 10.—Ἀνετράπη ἅμαξα εἰς τὴν ἐπαρχιακὴν ὁδόν, τραυματισθέντος τοῦ ἡνιόχου.

ΑΝΕΥ ΠΕΡΙΟΡΙΣΜΩΝ ΘΑ ΠΡΑΓΜΑΤΟΠΟΙΟΥΝΤΑΙ
ΑΙ ΑΠ' ΕΥΘΕΙΑΣ ΑΕΡΟΠΟΡΙΚΑΙ ΠΤΗΣΕΙΣ
ΔΙΑ ΜΕΤΑΦΟΡΑΝ ΟΜΟΓΕΝΩΝ ΕΞ ΑΜΕΡΙΚΗΣ

ΑΘΗΝΑΙ, 10.— Ἄνευ περιορισμῶν θὰ πραγματοποιοῦνται αἱ ἀπ᾽ εὐθείας ἀεροπορικαὶ πτήσεις διὰ τὴν μεταφορὰν ὁμογενῶν ἐξ Ἀμερικῆς, κατόπιν ἀποφάσεως τοῦ ἁρμοδίου ὑπουργείου.

Ἡ ἀπόφασις ἐλήφθη μὲ σκοπὸν τὴν διευκόλυνσιν τῶν ὁμογενῶν, οἱ ὁποῖοι ἐπιθυμοῦν νὰ ἐπισκεφθοῦν τὴν Ἑλλάδα κατὰ τὸ θέρος, καὶ τὴν ἐνίσχυσιν τοῦ τουρισμοῦ.

ΟΛΑΙ ΑΙ ΕΤΑΙΡΕΙΑΙ ΘΑ ΚΑΤΑΒΑΛΛΟΥΝ ΩΡΙΣΜΕΝΑ ΤΕΛΗ
ΔΙΑ ΤΗΝ ΑΝΑΘΕΩΡΗΣΙΝ ΤΩΝ ΚΑΤΑΣΤΑΤΙΚΩΝ ΤΩΝ

ΑΘΗΝΑΙ, 10.—Ὅλαι αἱ ἑταιρεῖαι θὰ καταβάλλουν ὡρισμένα τέλη διὰ τὴν ἀναθεώρησιν τῶν καταστατικῶν των, συμφώνως πρὸς τὴν νέαν νομοθεσίαν.

Τὰ τέλη θὰ κλιμακοῦνται ἀναλόγως τοῦ κεφαλαίου ἑκάστης ἑταιρείας καὶ θὰ καταβάλλωνται εἰς τὰς ἁρμοδίας ὑπηρεσίας.

Ἡ σχετικὴ ἀπόφασις δημοσιεύεται εἰς τὴν Ἐφημερίδα τῆς Κυβερνήσεως.

Ο κ. ΓΚΟΥΡΑΣ ΜΕΤΕΒΗ ΕΙΣ ΛΟΥΞΕΜΒΟΥΡΓΟΝ
ΔΙΑ ΤΗΝ ΣΥΝΟΔΟΝ ΤΩΝ ΥΠΟΥΡΓΩΝ ΤΟΥ ΝΑΤΟ

ΑΘΗΝΑΙ, 10.—Ὁ ὑπουργὸς κ. Γκούρας μετέβη εἰς Λουξεμβοῦργον διὰ νὰ μετάσχῃ εἰς τὴν σύνοδον τῶν ὑπουργῶν τοῦ ΝΑΤΟ.

Κατὰ τὴν σύνοδον θὰ ἐξετασθοῦν τὰ θέματα τῆς συμμαχίας καὶ ἡ κατάστασις εἰς τὴν Μέσην Ἀνατολήν.

ΝΕΑΙ ΠΡΟΑΓΩΓΑΙ ΑΞΙΩΜΑΤΙΚΩΝ ΟΠΛΩΝ ΚΑΙ ΣΩΜΑΤΩΝ

ΑΘΗΝΑΙ, 10.—Εἰς τὴν Ἐφημερίδα τῆς Κυβερνήσεως ἐδημοσιεύθησαν αἱ νέαι προαγωγαὶ ἀξιωματικῶν ὅπλων καὶ σωμάτων τοῦ Στρατοῦ Ξηρᾶς.

Προάγονται εἰς τὸν βαθμὸν τοῦ συνταγματάρχου οἱ ἀντισυνταγματάρχαι πεζικοῦ, πυροβολικοῦ καὶ τεθωρακισμένων, οἱ ὁποῖοι συμπληρώνουν τὰς ἀπαιτουμένας προϋποθέσεις.

Ἐπίσης προάγονται εἰς ἀντισυνταγματάρχας οἱ ταγματάρχαι τῶν διαφόρων ὅπλων.

Αἱ προαγωγαὶ ἰσχύουν ἀπὸ τῆς δημοσιεύσεώς των.

Εἰς τὰ σώματα προάγονται ἀξιωματικοὶ τοῦ ὑγειονομικοῦ, τοῦ τεχνικοῦ καὶ τῶν ὑλικῶν πολέμου.

ΠΡΟΣΦΟΡΑΙ ΧΡΗΜΑΤΩΝ
ΕΙΣ ΤΟΝ κ. ΚΟΛΛΙΑΝ
ΔΙΑ ΤΟΥΣ ΣΕΙΣΜΟΠΛΗΚΤΟΥΣ

ΑΘΗΝΑΙ, 10.—Εἰς τὸν πρωθυπουργὸν κ. Κόλλιαν προσεφέρθησαν χρήματα διὰ τοὺς σεισμοπλήκτους.

ΑΠΟΛΥΘΕΝΤΕΣ ΕΚ ΓΥΑΡΟΥ
ΕΥΧΑΡΙΣΤΟΥΝ
ΤΟΝ κ. ΠΑΤΤΑΚΟΝ

ΑΘΗΝΑΙ, 10.—Οἱ ἀπολυθέντες ἐκ Γυάρου εὐχαριστοῦν τὸν ὑπουργὸν κ. Παττακόν.

ΒΡΟΧΑΙ ΚΑΙ ΚΑΤΑΙΓΙΔΕΣ
ΕΙΣ ΤΗΝ ΚΕΝΤΡΙΚΗΝ
ΚΑΙ ΒΟΡΕΙΟΝ ΕΛΛΑΔΑ

ΑΘΗΝΑΙ, 10.—Βροχαὶ καὶ καταιγίδες ἐσημειώθησαν εἰς τὴν κεντρικὴν καὶ βόρειον Ἑλλάδα.

ΓΥΝΗ ΚΑΤΕΠΕΣΕΝ
ΕΙΣ ΤΗΝ ΘΑΛΑΣΣΑΝ
ΑΛΛΑ ΔΙΕΣΩΘΗ

ΠΕΙΡΑΙΕΥΣ, 10.—Γυνὴ κατέπεσεν εἰς τὴν θάλασσαν ἀλλὰ διεσώθη.
